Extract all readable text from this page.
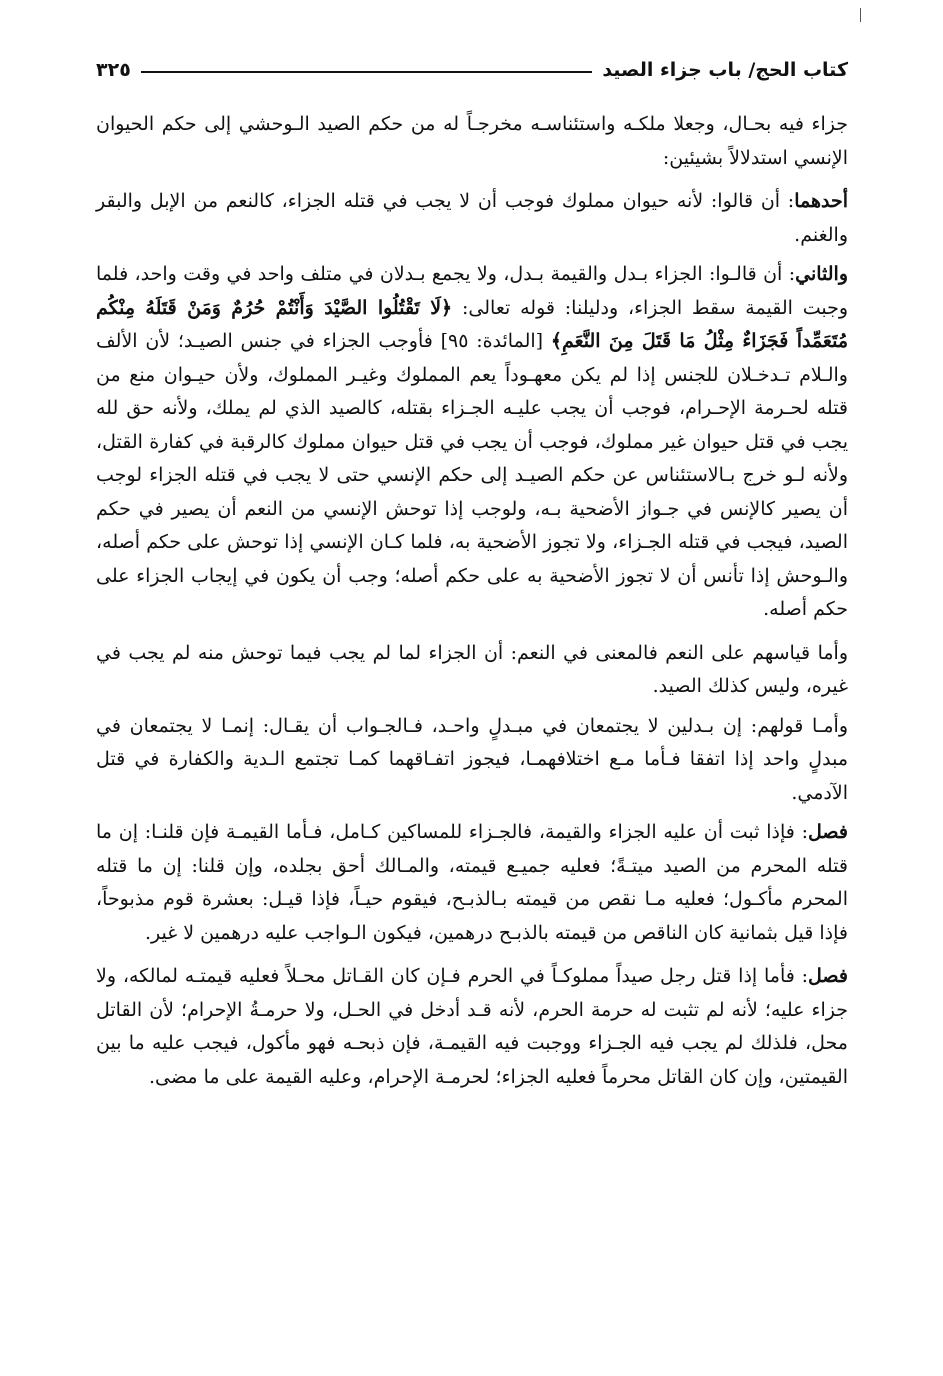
كتاب الحج/ باب جزاء الصيد
٣٢٥

جزاء فيه بحـال، وجعلا ملكـه واستئناسـه مخرجـاً له من حكم الصيد الـوحشي إلى حكم الحيوان الإنسي استدلالاً بشيئين:

أحدهما: أن قالوا: لأنه حيوان مملوك فوجب أن لا يجب في قتله الجزاء، كالنعم من الإبل والبقر والغنم.

والثاني: أن قالـوا: الجزاء بـدل والقيمة بـدل، ولا يجمع بـدلان في متلف واحد في وقت واحد، فلما وجبت القيمة سقط الجزاء، ودليلنا: قوله تعالى: ﴿لَا تَقْتُلُوا الصَّيْدَ وَأَنْتُمْ حُرُمٌ وَمَنْ قَتَلَهُ مِنْكُم مُتَعَمِّداً فَجَزَاءٌ مِثْلُ مَا قَتَلَ مِنَ النَّعَمِ﴾ [المائدة: ٩٥] فأوجب الجزاء في جنس الصيـد؛ لأن الألف والـلام تـدخـلان للجنس إذا لم يكن معهـوداً يعم المملوك وغيـر المملوك، ولأن حيـوان منع من قتله لحـرمة الإحـرام، فوجب أن يجب عليـه الجـزاء بقتله، كالصيد الذي لم يملك، ولأنه حق لله يجب في قتل حيوان غير مملوك، فوجب أن يجب في قتل حيوان مملوك كالرقبة في كفارة القتل، ولأنه لـو خرج بـالاستئناس عن حكم الصيـد إلى حكم الإنسي حتى لا يجب في قتله الجزاء لوجب أن يصير كالإنس في جـواز الأضحية بـه، ولوجب إذا توحش الإنسي من النعم أن يصير في حكم الصيد، فيجب في قتله الجـزاء، ولا تجوز الأضحية به، فلما كـان الإنسي إذا توحش على حكم أصله، والـوحش إذا تأنس أن لا تجوز الأضحية به على حكم أصله؛ وجب أن يكون في إيجاب الجزاء على حكم أصله.

وأما قياسهم على النعم فالمعنى في النعم: أن الجزاء لما لم يجب فيما توحش منه لم يجب في غيره، وليس كذلك الصيد.

وأمـا قولهم: إن بـدلين لا يجتمعان في مبـدلٍ واحـد، فـالجـواب أن يقـال: إنمـا لا يجتمعان في مبدلٍ واحد إذا اتفقا فـأما مـع اختلافهمـا، فيجوز اتفـاقهما كمـا تجتمع الـدية والكفارة في قتل الآدمي.

فصل: فإذا ثبت أن عليه الجزاء والقيمة، فالجـزاء للمساكين كـامل، فـأما القيمـة فإن قلنـا: إن ما قتله المحرم من الصيد ميتـةً؛ فعليه جميـع قيمته، والمـالك أحق بجلده، وإن قلنا: إن ما قتله المحرم مأكـول؛ فعليه مـا نقص من قيمته بـالذبـح، فيقوم حيـاً، فإذا قيـل: بعشرة قوم مذبوحاً، فإذا قيل بثمانية كان الناقص من قيمته بالذبـح درهمين، فيكون الـواجب عليه درهمين لا غير.

فصل: فأما إذا قتل رجل صيداً مملوكـاً في الحرم فـإن كان القـاتل محـلاً فعليه قيمتـه لمالكه، ولا جزاء عليه؛ لأنه لم تثبت له حرمة الحرم، لأنه قـد أدخل في الحـل، ولا حرمـةُ الإحرام؛ لأن القاتل محل، فلذلك لم يجب فيه الجـزاء ووجبت فيه القيمـة، فإن ذبحـه فهو مأكول، فيجب عليه ما بين القيمتين، وإن كان القاتل محرماً فعليه الجزاء؛ لحرمـة الإحرام، وعليه القيمة على ما مضى.
